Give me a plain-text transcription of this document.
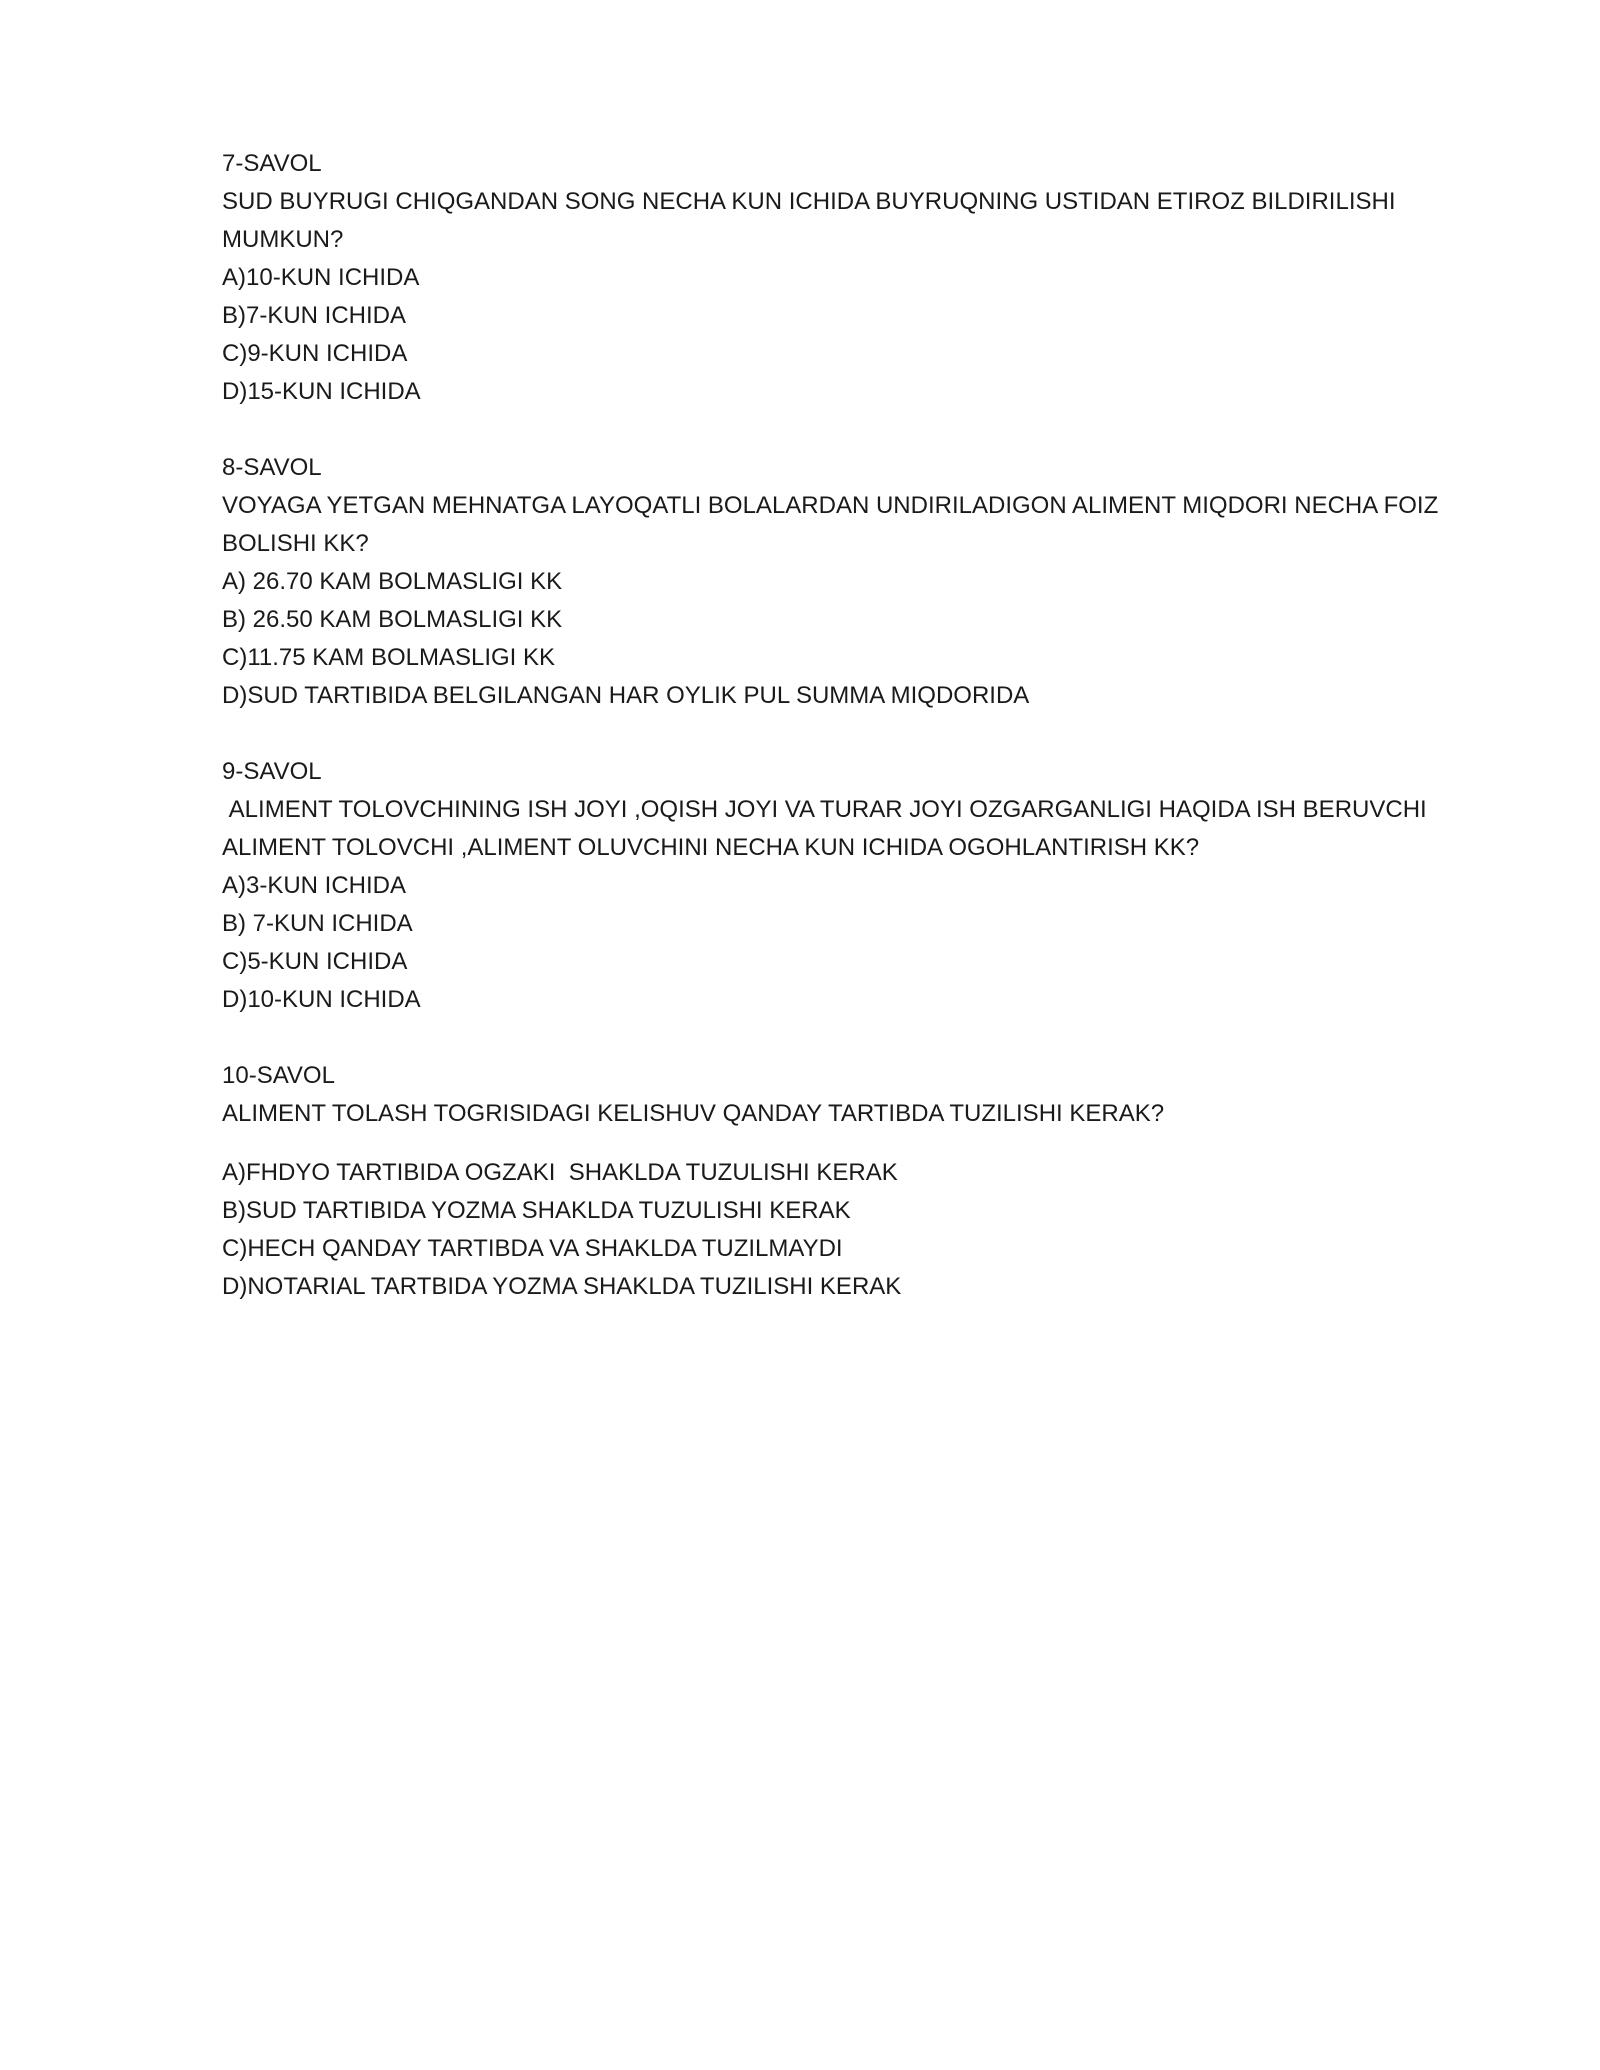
7-SAVOL

SUD BUYRUGI CHIQGANDAN SONG NECHA KUN ICHIDA BUYRUQNING USTIDAN ETIROZ BILDIRILISHI MUMKUN?

A)10-KUN ICHIDA
B)7-KUN ICHIDA
C)9-KUN ICHIDA
D)15-KUN ICHIDA

8-SAVOL

VOYAGA YETGAN MEHNATGA LAYOQATLI BOLALARDAN UNDIRILADIGON ALIMENT MIQDORI NECHA FOIZ BOLISHI KK?

A) 26.70 KAM BOLMASLIGI KK
B) 26.50 KAM BOLMASLIGI KK
C)11.75 KAM BOLMASLIGI KK
D)SUD TARTIBIDA BELGILANGAN HAR OYLIK PUL SUMMA MIQDORIDA

9-SAVOL

ALIMENT TOLOVCHINING ISH JOYI ,OQISH JOYI VA TURAR JOYI OZGARGANLIGI HAQIDA ISH BERUVCHI ALIMENT TOLOVCHI ,ALIMENT OLUVCHINI NECHA KUN ICHIDA OGOHLANTIRISH KK?

A)3-KUN ICHIDA
B) 7-KUN ICHIDA
C)5-KUN ICHIDA
D)10-KUN ICHIDA

10-SAVOL

ALIMENT TOLASH TOGRISIDAGI KELISHUV QANDAY TARTIBDA TUZILISHI KERAK?

A)FHDYO TARTIBIDA OGZAKI  SHAKLDA TUZULISHI KERAK
B)SUD TARTIBIDA YOZMA SHAKLDA TUZULISHI KERAK
C)HECH QANDAY TARTIBDA VA SHAKLDA TUZILMAYDI
D)NOTARIAL TARTBIDA YOZMA SHAKLDA TUZILISHI KERAK
